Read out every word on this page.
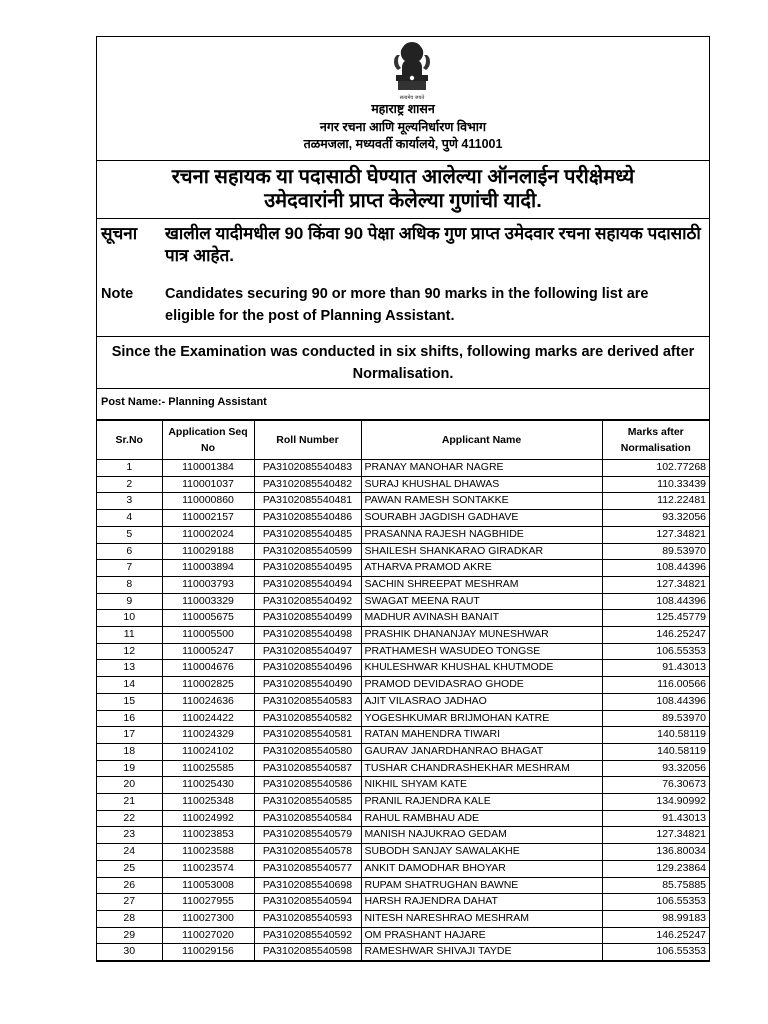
सत्यमेव जयते
महाराष्ट्र शासन
नगर रचना आणि मूल्यनिर्धारण विभाग
तळमजला, मध्यवर्ती कार्यालये, पुणे 411001
रचना सहायक या पदासाठी घेण्यात आलेल्या ऑनलाईन परीक्षेमध्ये
उमेदवारांनी प्राप्त केलेल्या गुणांची यादी.
सूचना खालील यादीमधील 90 किंवा 90 पेक्षा अधिक गुण प्राप्त उमेदवार रचना सहायक पदासाठी पात्र आहेत.
Note Candidates securing 90 or more than 90 marks in the following list are eligible for the post of Planning Assistant.
Since the Examination was conducted in six shifts, following marks are derived after Normalisation.
Post Name:- Planning Assistant
Sr.No	Application Seq No	Roll Number	Applicant Name	Marks after Normalisation
1	110001384	PA3102085540483	PRANAY MANOHAR NAGRE	102.77268
2	110001037	PA3102085540482	SURAJ KHUSHAL DHAWAS	110.33439
3	110000860	PA3102085540481	PAWAN RAMESH SONTAKKE	112.22481
4	110002157	PA3102085540486	SOURABH JAGDISH GADHAVE	93.32056
5	110002024	PA3102085540485	PRASANNA RAJESH NAGBHIDE	127.34821
6	110029188	PA3102085540599	SHAILESH SHANKARAO GIRADKAR	89.53970
7	110003894	PA3102085540495	ATHARVA PRAMOD AKRE	108.44396
8	110003793	PA3102085540494	SACHIN SHREEPAT MESHRAM	127.34821
9	110003329	PA3102085540492	SWAGAT MEENA RAUT	108.44396
10	110005675	PA3102085540499	MADHUR AVINASH BANAIT	125.45779
11	110005500	PA3102085540498	PRASHIK DHANANJAY MUNESHWAR	146.25247
12	110005247	PA3102085540497	PRATHAMESH WASUDEO TONGSE	106.55353
13	110004676	PA3102085540496	KHULESHWAR KHUSHAL KHUTMODE	91.43013
14	110002825	PA3102085540490	PRAMOD DEVIDASRAO GHODE	116.00566
15	110024636	PA3102085540583	AJIT VILASRAO JADHAO	108.44396
16	110024422	PA3102085540582	YOGESHKUMAR BRIJMOHAN KATRE	89.53970
17	110024329	PA3102085540581	RATAN MAHENDRA TIWARI	140.58119
18	110024102	PA3102085540580	GAURAV JANARDHANRAO BHAGAT	140.58119
19	110025585	PA3102085540587	TUSHAR CHANDRASHEKHAR MESHRAM	93.32056
20	110025430	PA3102085540586	NIKHIL SHYAM KATE	76.30673
21	110025348	PA3102085540585	PRANIL RAJENDRA KALE	134.90992
22	110024992	PA3102085540584	RAHUL RAMBHAU ADE	91.43013
23	110023853	PA3102085540579	MANISH NAJUKRAO GEDAM	127.34821
24	110023588	PA3102085540578	SUBODH SANJAY SAWALAKHE	136.80034
25	110023574	PA3102085540577	ANKIT DAMODHAR BHOYAR	129.23864
26	110053008	PA3102085540698	RUPAM SHATRUGHAN BAWNE	85.75885
27	110027955	PA3102085540594	HARSH RAJENDRA DAHAT	106.55353
28	110027300	PA3102085540593	NITESH NARESHRAO MESHRAM	98.99183
29	110027020	PA3102085540592	OM PRASHANT HAJARE	146.25247
30	110029156	PA3102085540598	RAMESHWAR SHIVAJI TAYDE	106.55353
